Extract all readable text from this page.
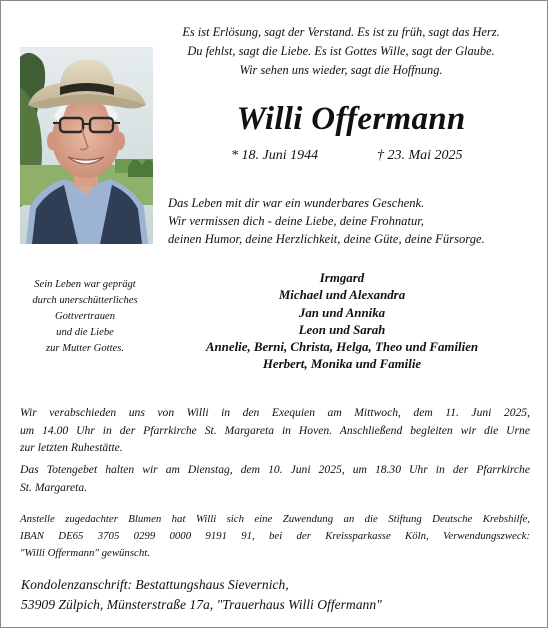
Es ist Erlösung, sagt der Verstand. Es ist zu früh, sagt das Herz.
Du fehlst, sagt die Liebe. Es ist Gottes Wille, sagt der Glaube.
Wir sehen uns wieder, sagt die Hoffnung.
Willi Offermann
* 18. Juni 1944	† 23. Mai 2025
Das Leben mit dir war ein wunderbares Geschenk.
Wir vermissen dich - deine Liebe, deine Frohnatur,
deinen Humor, deine Herzlichkeit, deine Güte, deine Fürsorge.
Sein Leben war geprägt
durch unerschütterliches
Gottvertrauen
und die Liebe
zur Mutter Gottes.
Irmgard
Michael und Alexandra
Jan und Annika
Leon und Sarah
Annelie, Berni, Christa, Helga, Theo und Familien
Herbert, Monika und Familie
Wir verabschieden uns von Willi in den Exequien am Mittwoch, dem 11. Juni 2025,
um 14.00 Uhr in der Pfarrkirche St. Margareta in Hoven. Anschließend begleiten wir die Urne
zur letzten Ruhestätte.
Das Totengebet halten wir am Dienstag, dem 10. Juni 2025, um 18.30 Uhr in der Pfarrkirche
St. Margareta.
Anstelle zugedachter Blumen hat Willi sich eine Zuwendung an die Stiftung Deutsche Krebshilfe,
IBAN DE65 3705 0299 0000 9191 91, bei der Kreissparkasse Köln, Verwendungszweck:
"Willi Offermann" gewünscht.
Kondolenzanschrift: Bestattungshaus Sievernich,
53909 Zülpich, Münsterstraße 17a, "Trauerhaus Willi Offermann"
